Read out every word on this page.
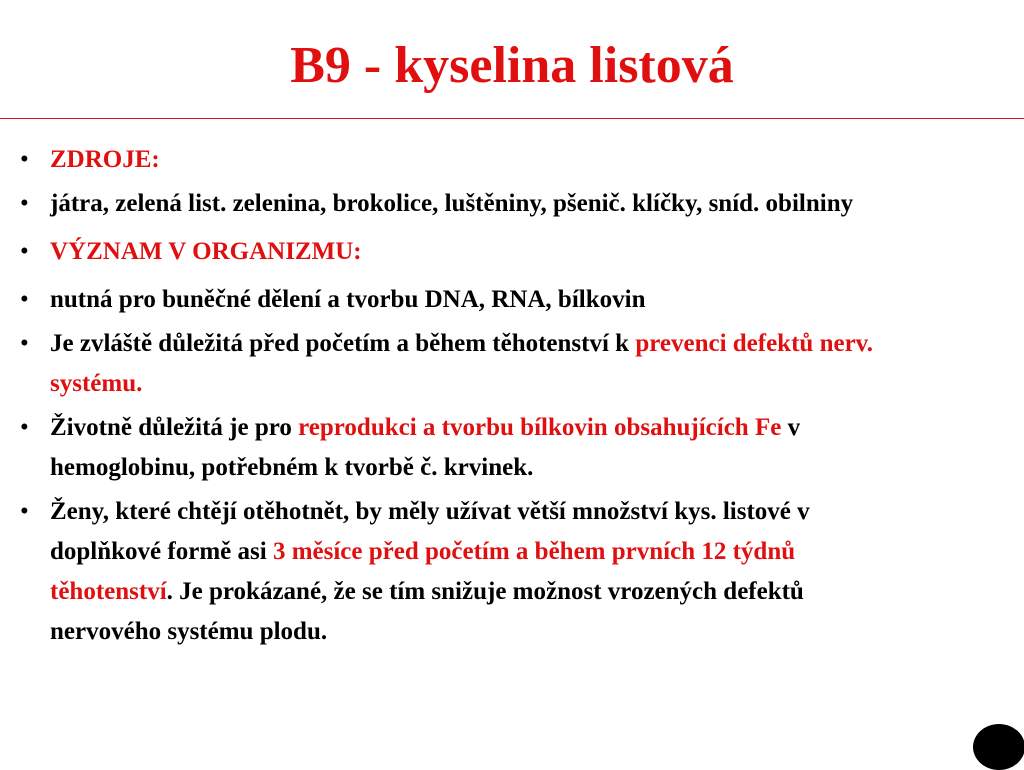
B9 - kyselina listová
• ZDROJE:
• játra, zelená list. zelenina, brokolice, luštěniny, pšenič. klíčky, sníd. obilniny
• VÝZNAM V ORGANIZMU:
• nutná pro buněčné dělení a tvorbu DNA, RNA, bílkovin
• Je zvláště důležitá před početím a během těhotenství k prevenci defektů nerv. systému.
• Životně důležitá je pro reprodukci a tvorbu bílkovin obsahujících Fe v hemoglobinu, potřebném k tvorbě č. krvinek.
• Ženy, které chtějí otěhotnět, by měly užívat větší množství kys. listové v doplňkové formě asi 3 měsíce před početím a během prvních 12 týdnů těhotenství. Je prokázané, že se tím snižuje možnost vrozených defektů nervového systému plodu.
